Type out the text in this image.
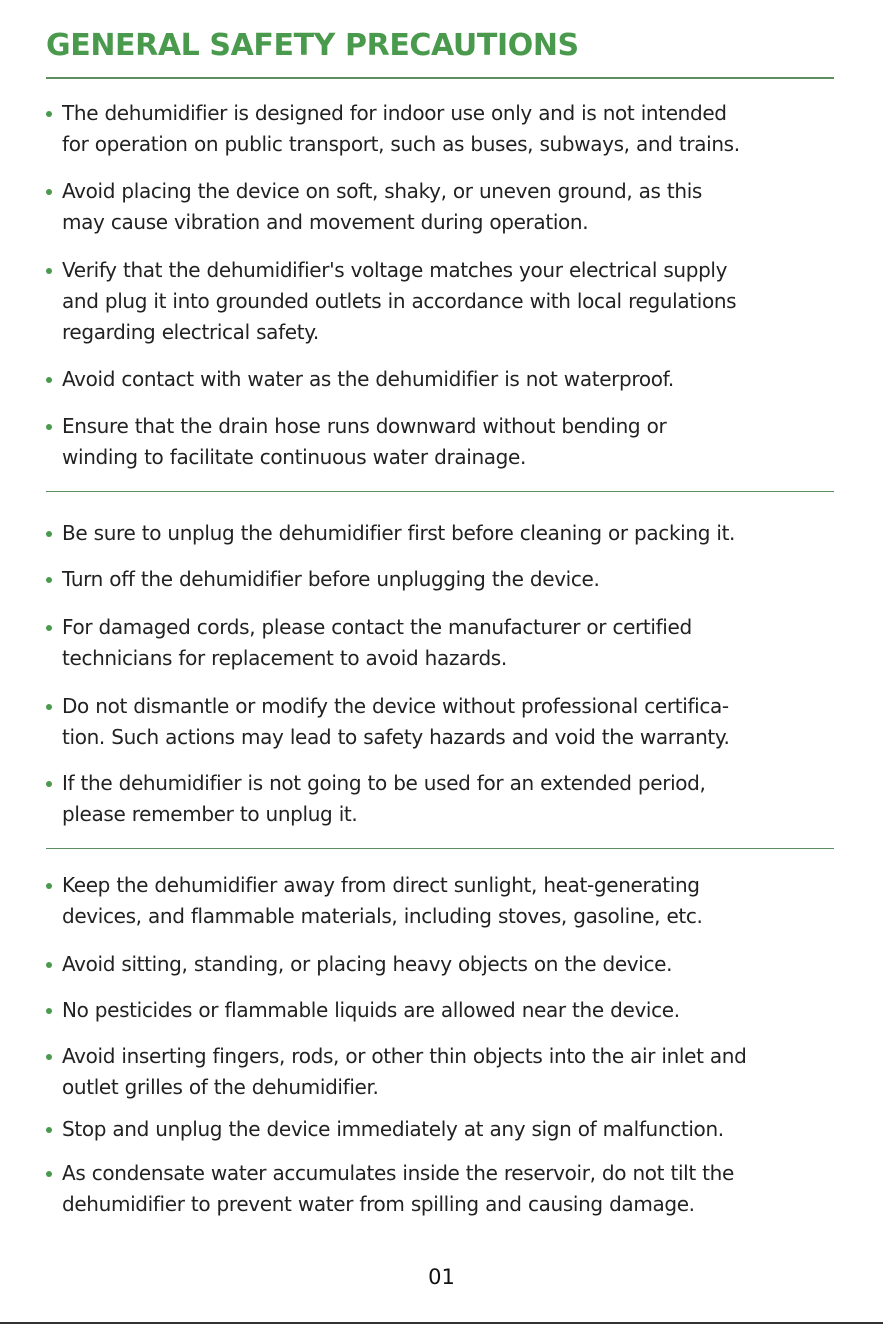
GENERAL SAFETY PRECAUTIONS
The dehumidifier is designed for indoor use only and is not intended
for operation on public transport, such as buses, subways, and trains.
Avoid placing the device on soft, shaky, or uneven ground, as this
may cause vibration and movement during operation.
Verify that the dehumidifier's voltage matches your electrical supply
and plug it into grounded outlets in accordance with local regulations
regarding electrical safety.
Avoid contact with water as the dehumidifier is not waterproof.
Ensure that the drain hose runs downward without bending or
winding to facilitate continuous water drainage.
Be sure to unplug the dehumidifier first before cleaning or packing it.
Turn off the dehumidifier before unplugging the device.
For damaged cords, please contact the manufacturer or certified
technicians for replacement to avoid hazards.
Do not dismantle or modify the device without professional certifica-
tion. Such actions may lead to safety hazards and void the warranty.
If the dehumidifier is not going to be used for an extended period,
please remember to unplug it.
Keep the dehumidifier away from direct sunlight, heat-generating
devices, and flammable materials, including stoves, gasoline, etc.
Avoid sitting, standing, or placing heavy objects on the device.
No pesticides or flammable liquids are allowed near the device.
Avoid inserting fingers, rods, or other thin objects into the air inlet and
outlet grilles of the dehumidifier.
Stop and unplug the device immediately at any sign of malfunction.
As condensate water accumulates inside the reservoir, do not tilt the
dehumidifier to prevent water from spilling and causing damage.
01
